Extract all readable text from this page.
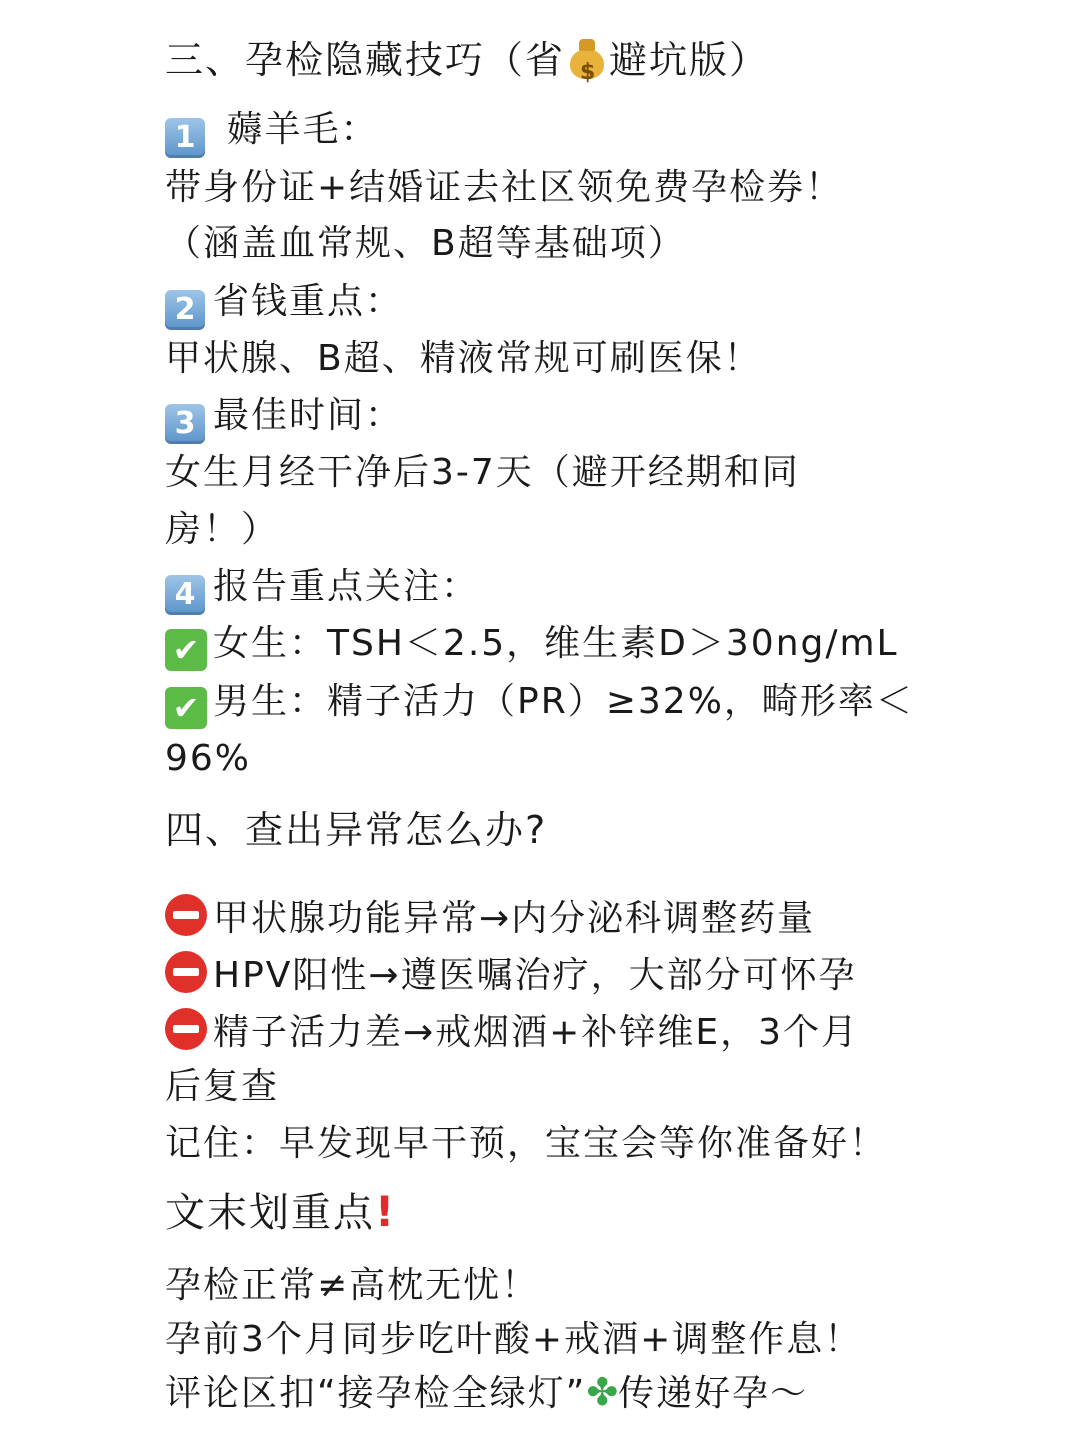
三、孕检隐藏技巧（省
$ 避坑版）
1 薅羊毛：
带身份证+结婚证去社区领免费孕检券！
（涵盖血常规、B超等基础项）
2 省钱重点：
甲状腺、B超、精液常规可刷医保！
3 最佳时间：
女生月经干净后3-7天（避开经期和同
房！）
4 报告重点关注：
✔ 女生：TSH＜2.5，维生素D＞30ng/mL
✔ 男生：精子活力（PR）≥32%，畸形率＜
96%
四、查出异常怎么办?
甲状腺功能异常→内分泌科调整药量
HPV阳性→遵医嘱治疗，大部分可怀孕
精子活力差→戒烟酒+补锌维E，3个月
后复查
记住：早发现早干预，宝宝会等你准备好！
文末划重点!
孕检正常≠高枕无忧！
孕前3个月同步吃叶酸+戒酒+调整作息！
评论区扣“接孕检全绿灯”✤传递好孕～
